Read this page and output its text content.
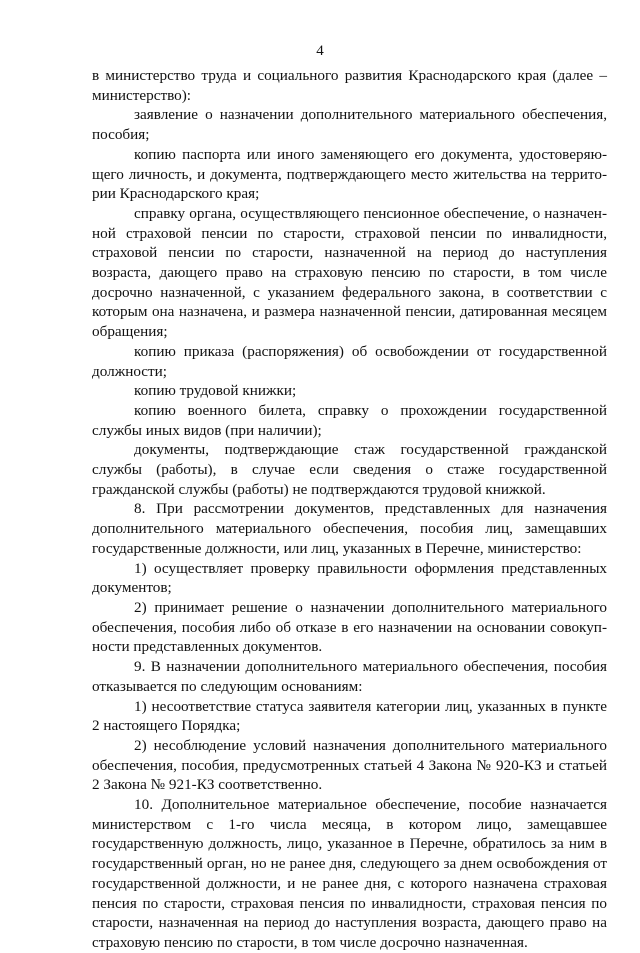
4

в министерство труда и социального развития Краснодарского края (далее – министерство):

заявление о назначении дополнительного материального обеспечения, пособия;

копию паспорта или иного заменяющего его документа, удостоверяющего личность, и документа, подтверждающего место жительства на территории Краснодарского края;

справку органа, осуществляющего пенсионное обеспечение, о назначенной страховой пенсии по старости, страховой пенсии по инвалидности, страховой пенсии по старости, назначенной на период до наступления возраста, дающего право на страховую пенсию по старости, в том числе досрочно назначенной, с указанием федерального закона, в соответствии с которым она назначена, и размера назначенной пенсии, датированная месяцем обращения;

копию приказа (распоряжения) об освобождении от государственной должности;

копию трудовой книжки;

копию военного билета, справку о прохождении государственной службы иных видов (при наличии);

документы, подтверждающие стаж государственной гражданской службы (работы), в случае если сведения о стаже государственной гражданской службы (работы) не подтверждаются трудовой книжкой.

8. При рассмотрении документов, представленных для назначения дополнительного материального обеспечения, пособия лиц, замещавших государственные должности, или лиц, указанных в Перечне, министерство:

1) осуществляет проверку правильности оформления представленных документов;

2) принимает решение о назначении дополнительного материального обеспечения, пособия либо об отказе в его назначении на основании совокупности представленных документов.

9. В назначении дополнительного материального обеспечения, пособия отказывается по следующим основаниям:

1) несоответствие статуса заявителя категории лиц, указанных в пункте 2 настоящего Порядка;

2) несоблюдение условий назначения дополнительного материального обеспечения, пособия, предусмотренных статьей 4 Закона № 920-КЗ и статьей 2 Закона № 921-КЗ соответственно.

10. Дополнительное материальное обеспечение, пособие назначается министерством с 1-го числа месяца, в котором лицо, замещавшее государственную должность, лицо, указанное в Перечне, обратилось за ним в государственный орган, но не ранее дня, следующего за днем освобождения от государственной должности, и не ранее дня, с которого назначена страховая пенсия по старости, страховая пенсия по инвалидности, страховая пенсия по старости, назначенная на период до наступления возраста, дающего право на страховую пенсию по старости, в том числе досрочно назначенная.
